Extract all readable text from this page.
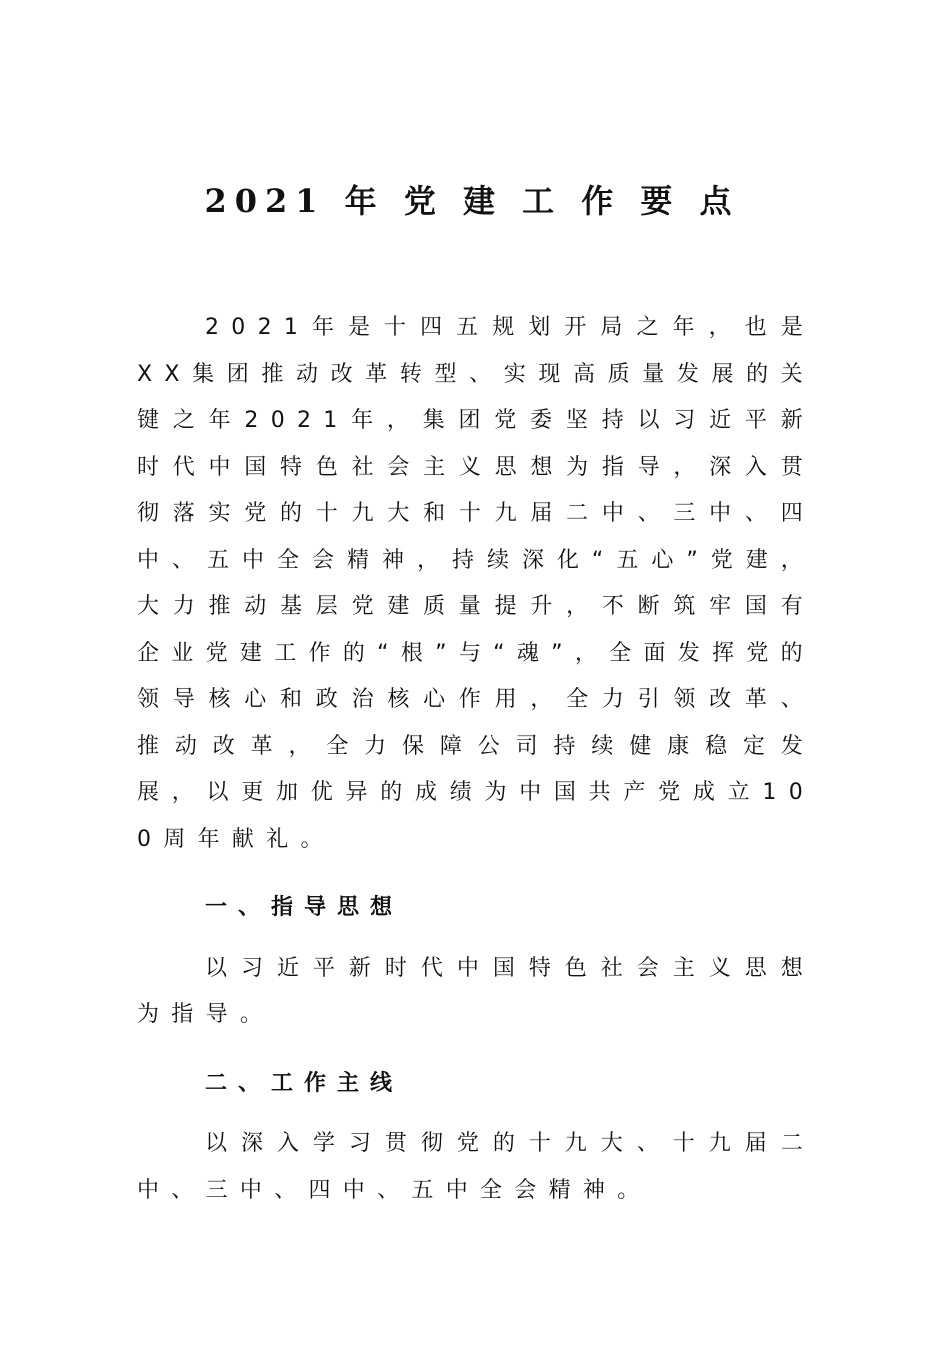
2021 年 党 建 工 作 要 点

2021年是十四五规划开局之年，也是XX集团推动改革转型、实现高质量发展的关键之年2021年，集团党委坚持以习近平新时代中国特色社会主义思想为指导，深入贯彻落实党的十九大和十九届二中、三中、四中、五中全会精神，持续深化“五心”党建，大力推动基层党建质量提升，不断筑牢国有企业党建工作的“根”与“魂”，全面发挥党的领导核心和政治核心作用，全力引领改革、推动改革，全力保障公司持续健康稳定发展，以更加优异的成绩为中国共产党成立100周年献礼。

一、指导思想

以习近平新时代中国特色社会主义思想为指导。

二、工作主线

以深入学习贯彻党的十九大、十九届二中、三中、四中、五中全会精神。
